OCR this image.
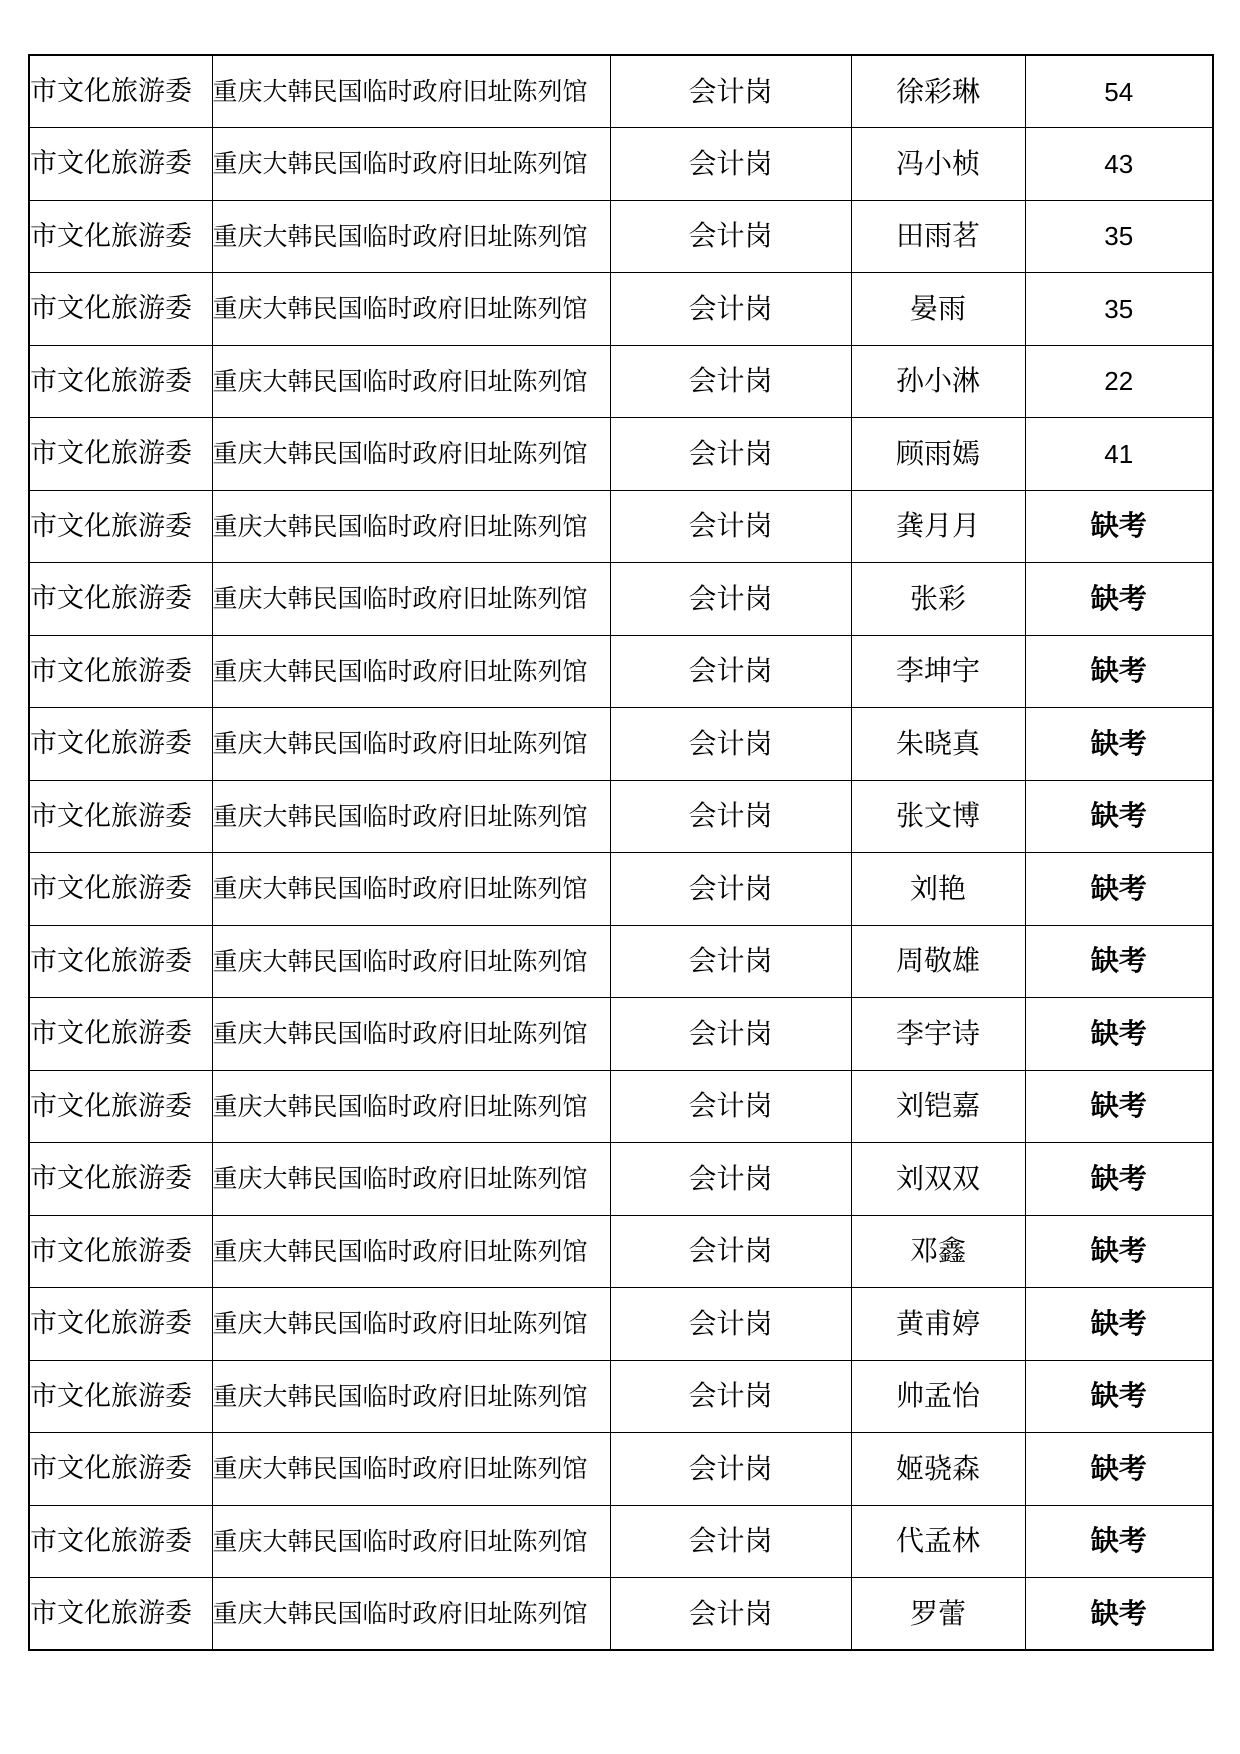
市文化旅游委	重庆大韩民国临时政府旧址陈列馆	会计岗	徐彩琳	54
市文化旅游委	重庆大韩民国临时政府旧址陈列馆	会计岗	冯小桢	43
市文化旅游委	重庆大韩民国临时政府旧址陈列馆	会计岗	田雨茗	35
市文化旅游委	重庆大韩民国临时政府旧址陈列馆	会计岗	晏雨	35
市文化旅游委	重庆大韩民国临时政府旧址陈列馆	会计岗	孙小淋	22
市文化旅游委	重庆大韩民国临时政府旧址陈列馆	会计岗	顾雨嫣	41
市文化旅游委	重庆大韩民国临时政府旧址陈列馆	会计岗	龚月月	缺考
市文化旅游委	重庆大韩民国临时政府旧址陈列馆	会计岗	张彩	缺考
市文化旅游委	重庆大韩民国临时政府旧址陈列馆	会计岗	李坤宇	缺考
市文化旅游委	重庆大韩民国临时政府旧址陈列馆	会计岗	朱晓真	缺考
市文化旅游委	重庆大韩民国临时政府旧址陈列馆	会计岗	张文博	缺考
市文化旅游委	重庆大韩民国临时政府旧址陈列馆	会计岗	刘艳	缺考
市文化旅游委	重庆大韩民国临时政府旧址陈列馆	会计岗	周敬雄	缺考
市文化旅游委	重庆大韩民国临时政府旧址陈列馆	会计岗	李宇诗	缺考
市文化旅游委	重庆大韩民国临时政府旧址陈列馆	会计岗	刘铠嘉	缺考
市文化旅游委	重庆大韩民国临时政府旧址陈列馆	会计岗	刘双双	缺考
市文化旅游委	重庆大韩民国临时政府旧址陈列馆	会计岗	邓鑫	缺考
市文化旅游委	重庆大韩民国临时政府旧址陈列馆	会计岗	黄甫婷	缺考
市文化旅游委	重庆大韩民国临时政府旧址陈列馆	会计岗	帅孟怡	缺考
市文化旅游委	重庆大韩民国临时政府旧址陈列馆	会计岗	姬骁森	缺考
市文化旅游委	重庆大韩民国临时政府旧址陈列馆	会计岗	代孟林	缺考
市文化旅游委	重庆大韩民国临时政府旧址陈列馆	会计岗	罗蕾	缺考
